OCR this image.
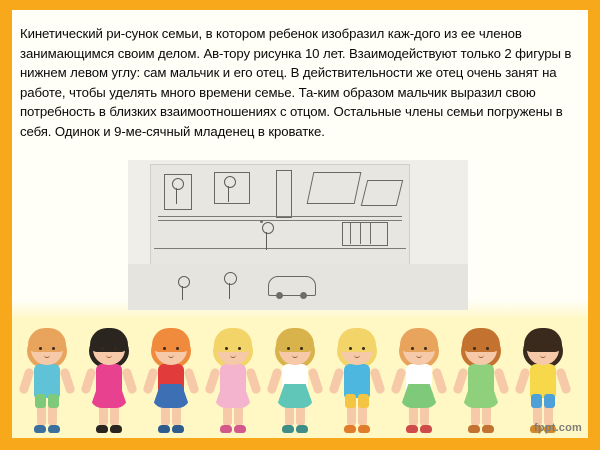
Кинетический ри-сунок семьи, в котором ребенок изобразил каж-дого из ее членов занимающимся своим делом. Ав-тору рисунка 10 лет. Взаимодействуют только 2 фигуры в нижнем левом углу: сам мальчик и его отец. В действительности же отец очень занят на работе, чтобы уделять много времени семье. Та-ким образом мальчик выразил свою потребность в близких взаимоотношениях с отцом. Остальные члены семьи погружены в себя. Одинок и 9-ме-сячный младенец в кроватке.
fppt.com
